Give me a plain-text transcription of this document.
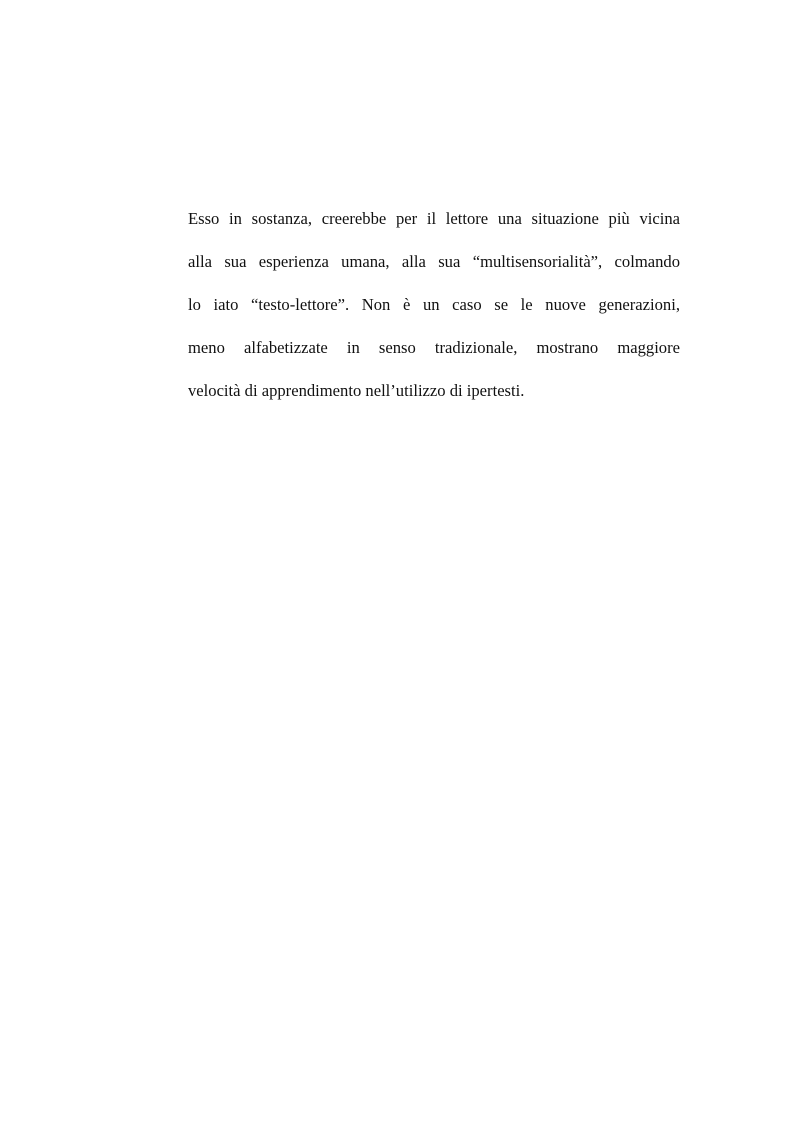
Esso in sostanza, creerebbe per il lettore una situazione più vicina
alla sua esperienza umana, alla sua “multisensorialità”, colmando
lo iato “testo-lettore”. Non è un caso se le nuove generazioni,
meno alfabetizzate in senso tradizionale, mostrano maggiore
velocità di apprendimento nell’utilizzo di ipertesti.
